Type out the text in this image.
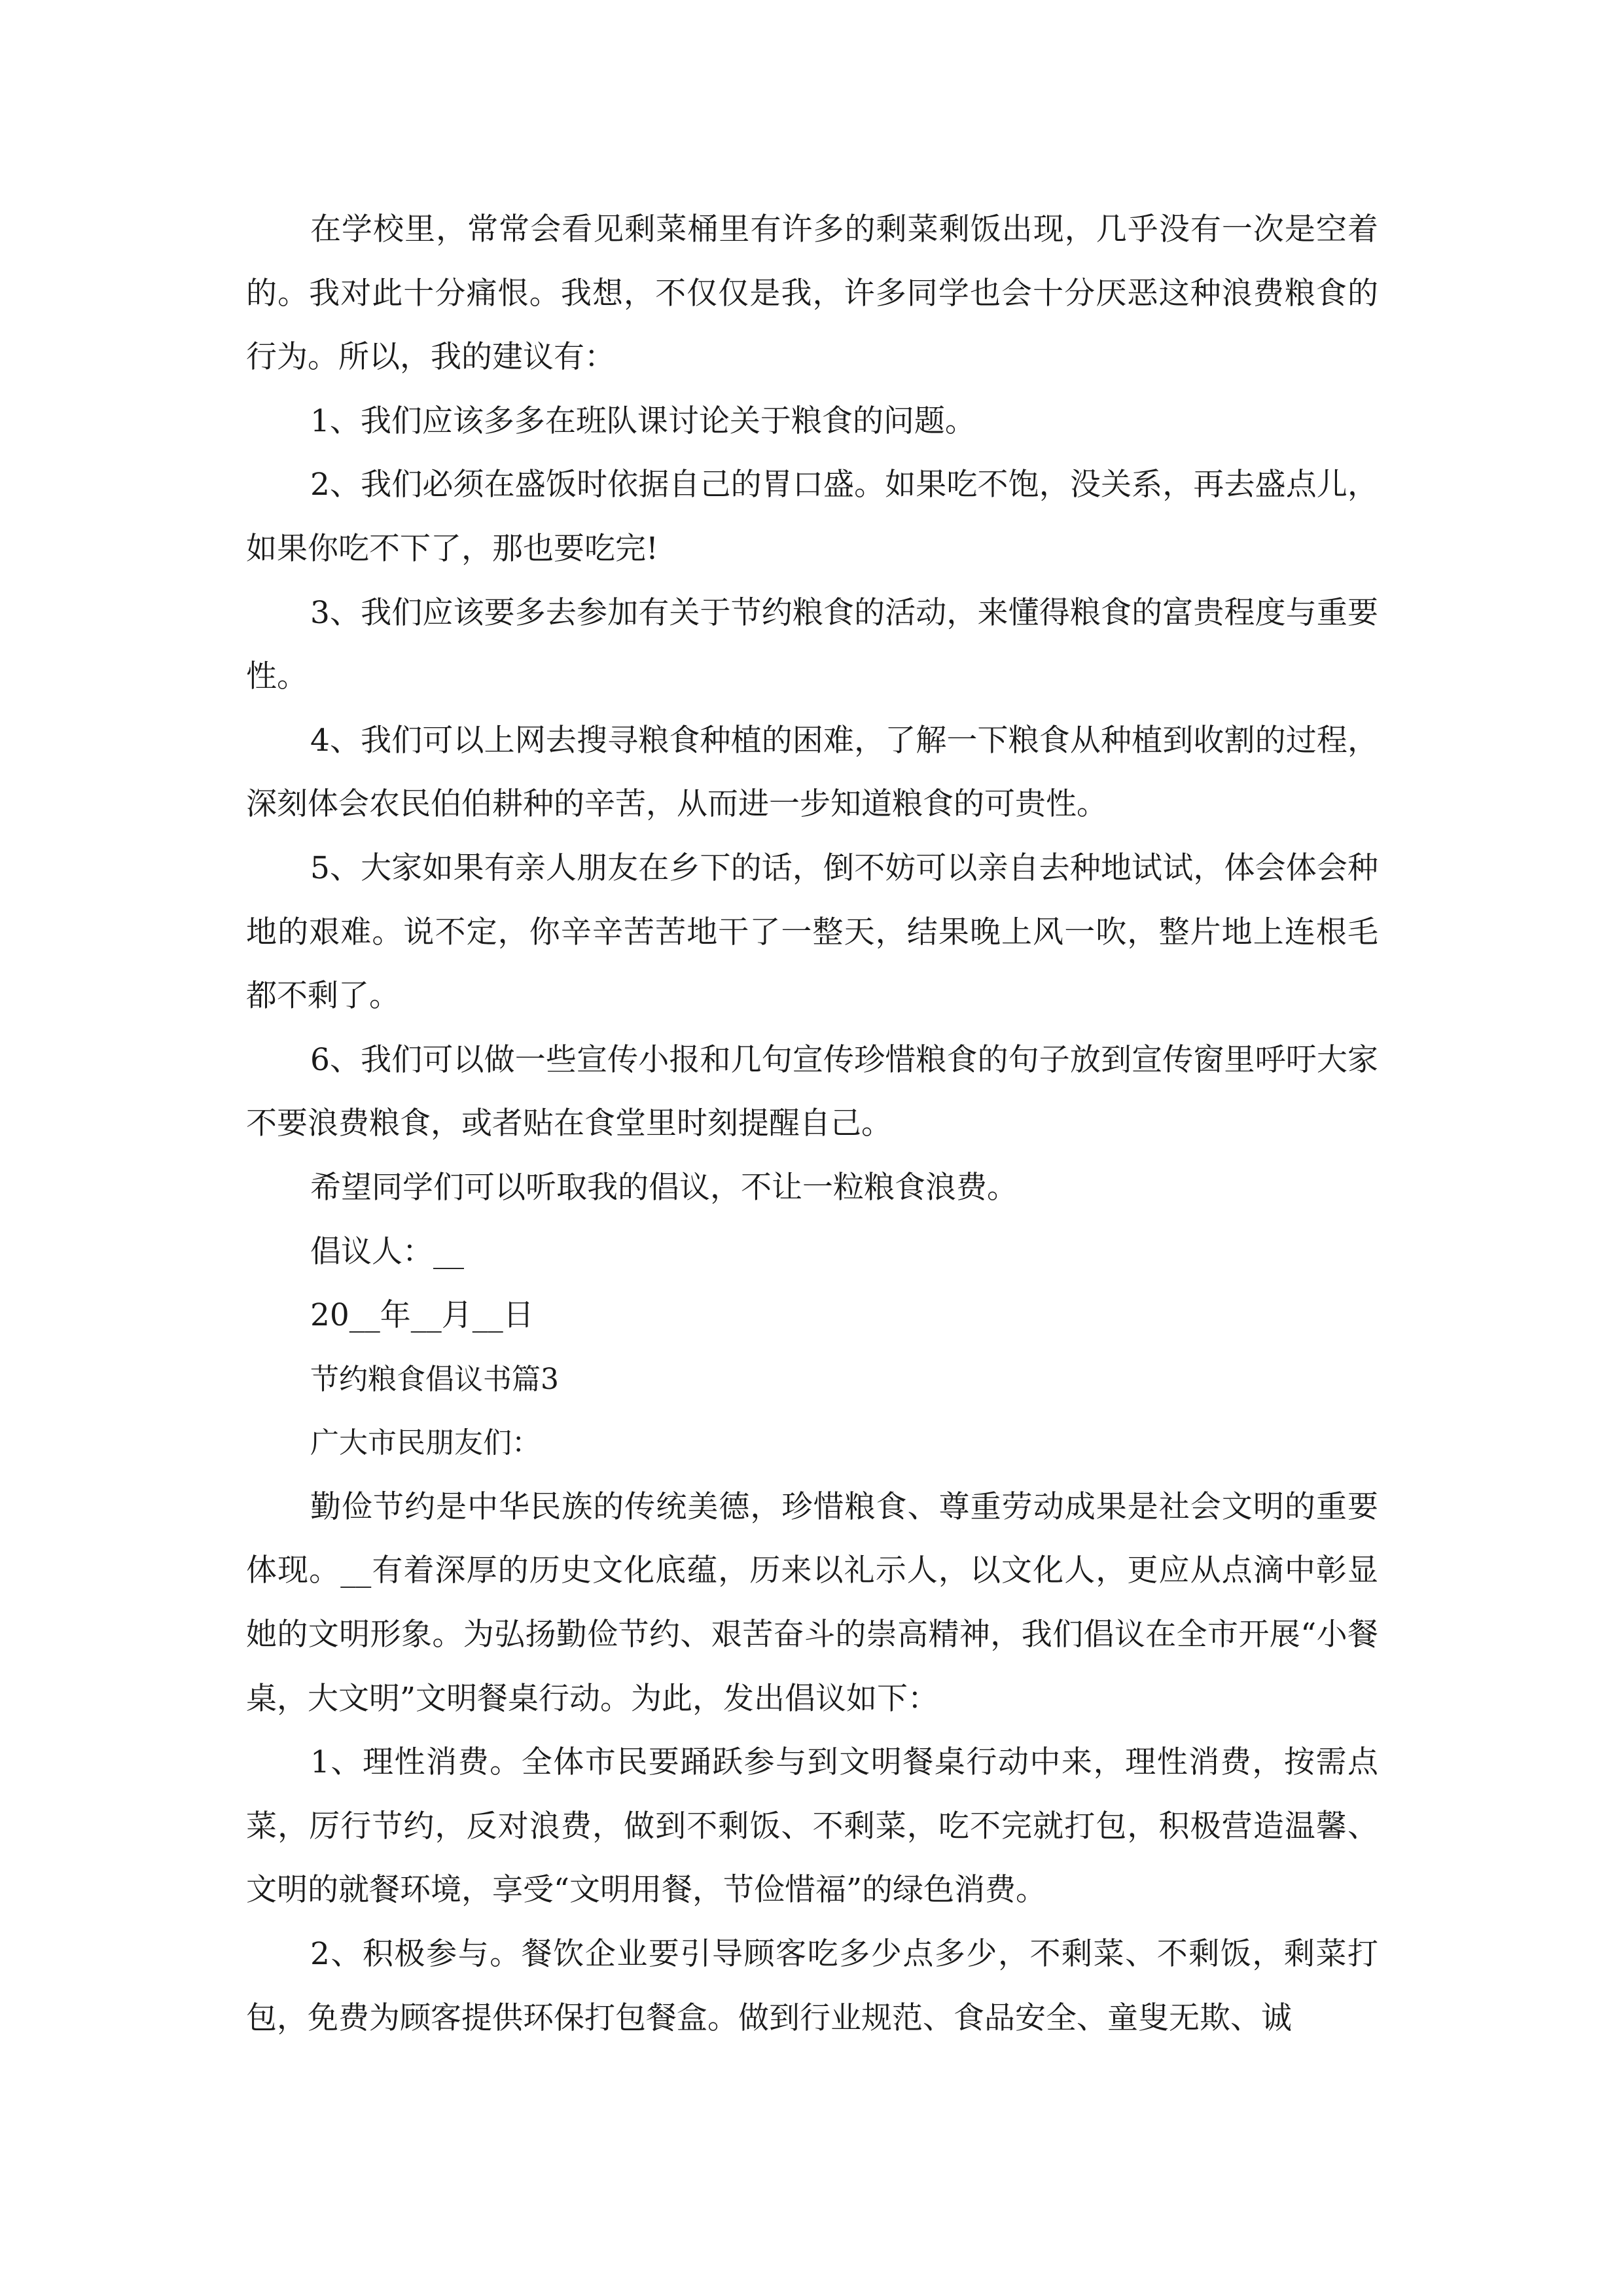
在学校里，常常会看见剩菜桶里有许多的剩菜剩饭出现，几乎没有一次是空着的。我对此十分痛恨。我想，不仅仅是我，许多同学也会十分厌恶这种浪费粮食的行为。所以，我的建议有：

1、我们应该多多在班队课讨论关于粮食的问题。

2、我们必须在盛饭时依据自己的胃口盛。如果吃不饱，没关系，再去盛点儿，如果你吃不下了，那也要吃完!

3、我们应该要多去参加有关于节约粮食的活动，来懂得粮食的富贵程度与重要性。

4、我们可以上网去搜寻粮食种植的困难，了解一下粮食从种植到收割的过程，深刻体会农民伯伯耕种的辛苦，从而进一步知道粮食的可贵性。

5、大家如果有亲人朋友在乡下的话，倒不妨可以亲自去种地试试，体会体会种地的艰难。说不定，你辛辛苦苦地干了一整天，结果晚上风一吹，整片地上连根毛都不剩了。

6、我们可以做一些宣传小报和几句宣传珍惜粮食的句子放到宣传窗里呼吁大家不要浪费粮食，或者贴在食堂里时刻提醒自己。

希望同学们可以听取我的倡议，不让一粒粮食浪费。

倡议人：__

20__年__月__日

节约粮食倡议书篇3

广大市民朋友们：

勤俭节约是中华民族的传统美德，珍惜粮食、尊重劳动成果是社会文明的重要体现。__有着深厚的历史文化底蕴，历来以礼示人，以文化人，更应从点滴中彰显她的文明形象。为弘扬勤俭节约、艰苦奋斗的崇高精神，我们倡议在全市开展“小餐桌，大文明”文明餐桌行动。为此，发出倡议如下：

1、理性消费。全体市民要踊跃参与到文明餐桌行动中来，理性消费，按需点菜，厉行节约，反对浪费，做到不剩饭、不剩菜，吃不完就打包，积极营造温馨、文明的就餐环境，享受“文明用餐，节俭惜福”的绿色消费。

2、积极参与。餐饮企业要引导顾客吃多少点多少，不剩菜、不剩饭，剩菜打包，免费为顾客提供环保打包餐盒。做到行业规范、食品安全、童叟无欺、诚
